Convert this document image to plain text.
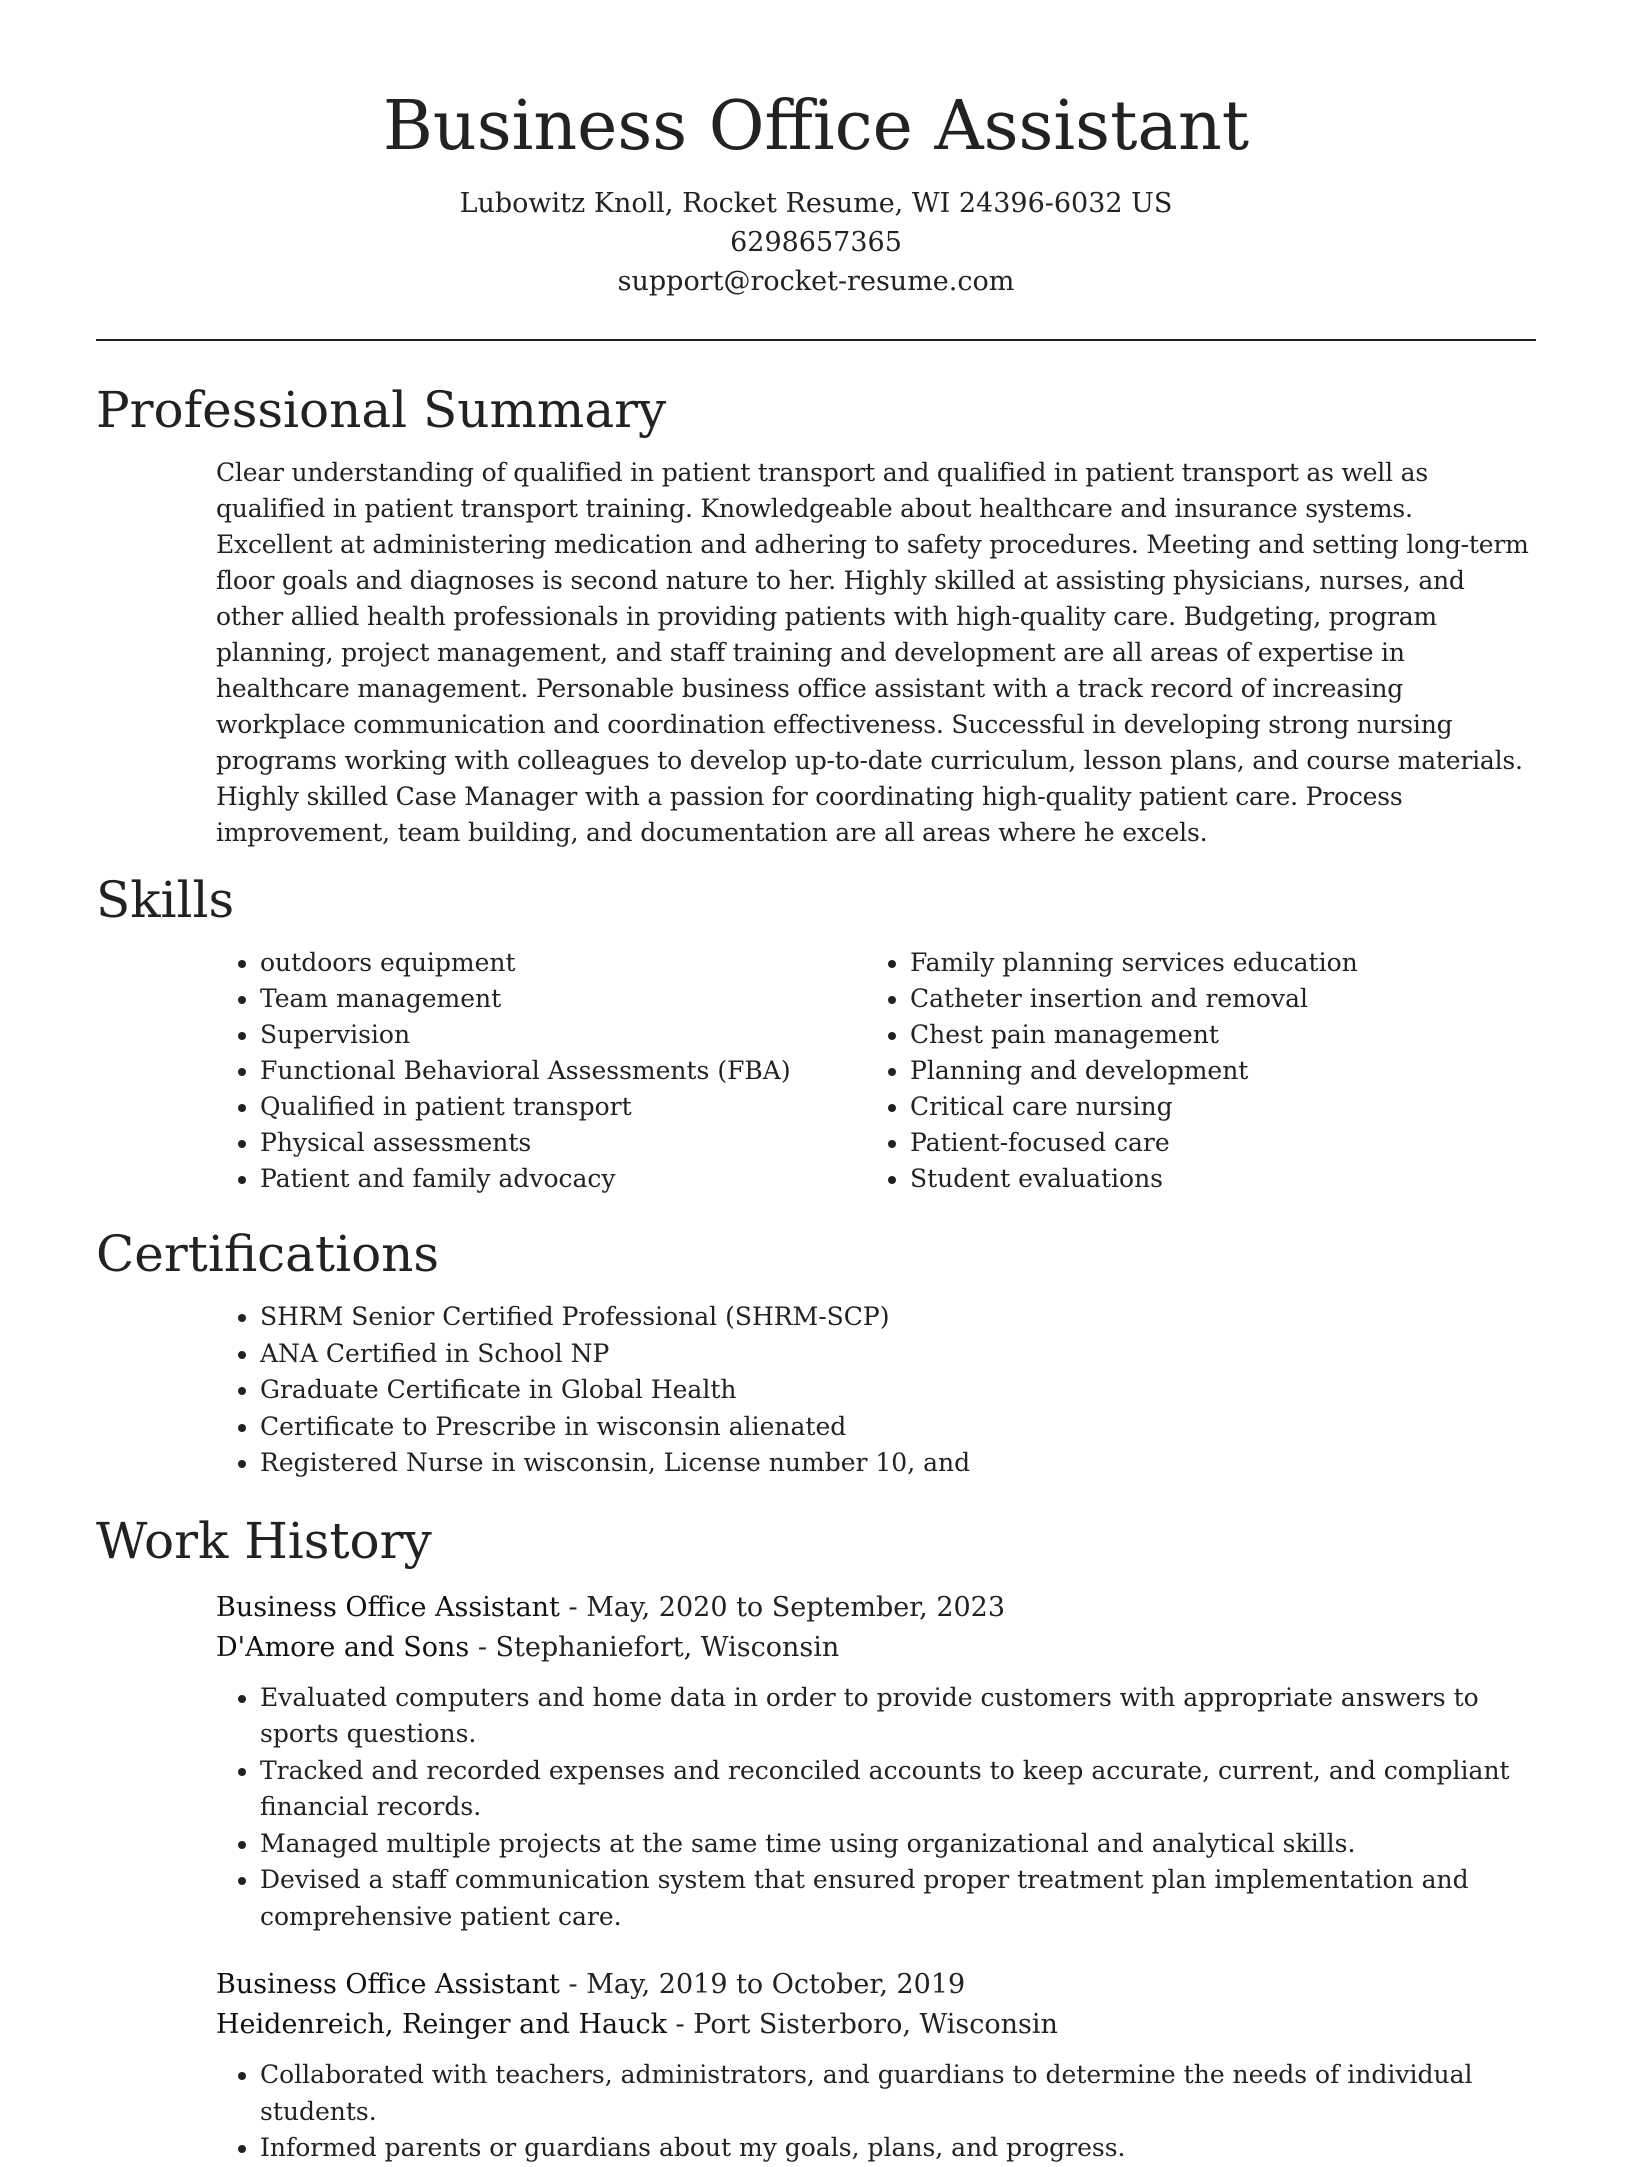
Business Office Assistant
Lubowitz Knoll, Rocket Resume, WI 24396-6032 US
6298657365
support@rocket-resume.com
Professional Summary

Clear understanding of qualified in patient transport and qualified in patient transport as well as qualified in patient transport training. Knowledgeable about healthcare and insurance systems. Excellent at administering medication and adhering to safety procedures. Meeting and setting long-term floor goals and diagnoses is second nature to her. Highly skilled at assisting physicians, nurses, and other allied health professionals in providing patients with high-quality care. Budgeting, program planning, project management, and staff training and development are all areas of expertise in healthcare management. Personable business office assistant with a track record of increasing workplace communication and coordination effectiveness. Successful in developing strong nursing programs working with colleagues to develop up-to-date curriculum, lesson plans, and course materials. Highly skilled Case Manager with a passion for coordinating high-quality patient care. Process improvement, team building, and documentation are all areas where he excels.

Skills
• outdoors equipment
• Team management
• Supervision
• Functional Behavioral Assessments (FBA)
• Qualified in patient transport
• Physical assessments
• Patient and family advocacy
• Family planning services education
• Catheter insertion and removal
• Chest pain management
• Planning and development
• Critical care nursing
• Patient-focused care
• Student evaluations
Certifications
• SHRM Senior Certified Professional (SHRM-SCP)
• ANA Certified in School NP
• Graduate Certificate in Global Health
• Certificate to Prescribe in wisconsin alienated
• Registered Nurse in wisconsin, License number 10, and
Work History
Business Office Assistant - May, 2020 to September, 2023
D'Amore and Sons - Stephaniefort, Wisconsin
• Evaluated computers and home data in order to provide customers with appropriate answers to sports questions.
• Tracked and recorded expenses and reconciled accounts to keep accurate, current, and compliant financial records.
• Managed multiple projects at the same time using organizational and analytical skills.
• Devised a staff communication system that ensured proper treatment plan implementation and comprehensive patient care.
Business Office Assistant - May, 2019 to October, 2019
Heidenreich, Reinger and Hauck - Port Sisterboro, Wisconsin
• Collaborated with teachers, administrators, and guardians to determine the needs of individual students.
• Informed parents or guardians about my goals, plans, and progress.
